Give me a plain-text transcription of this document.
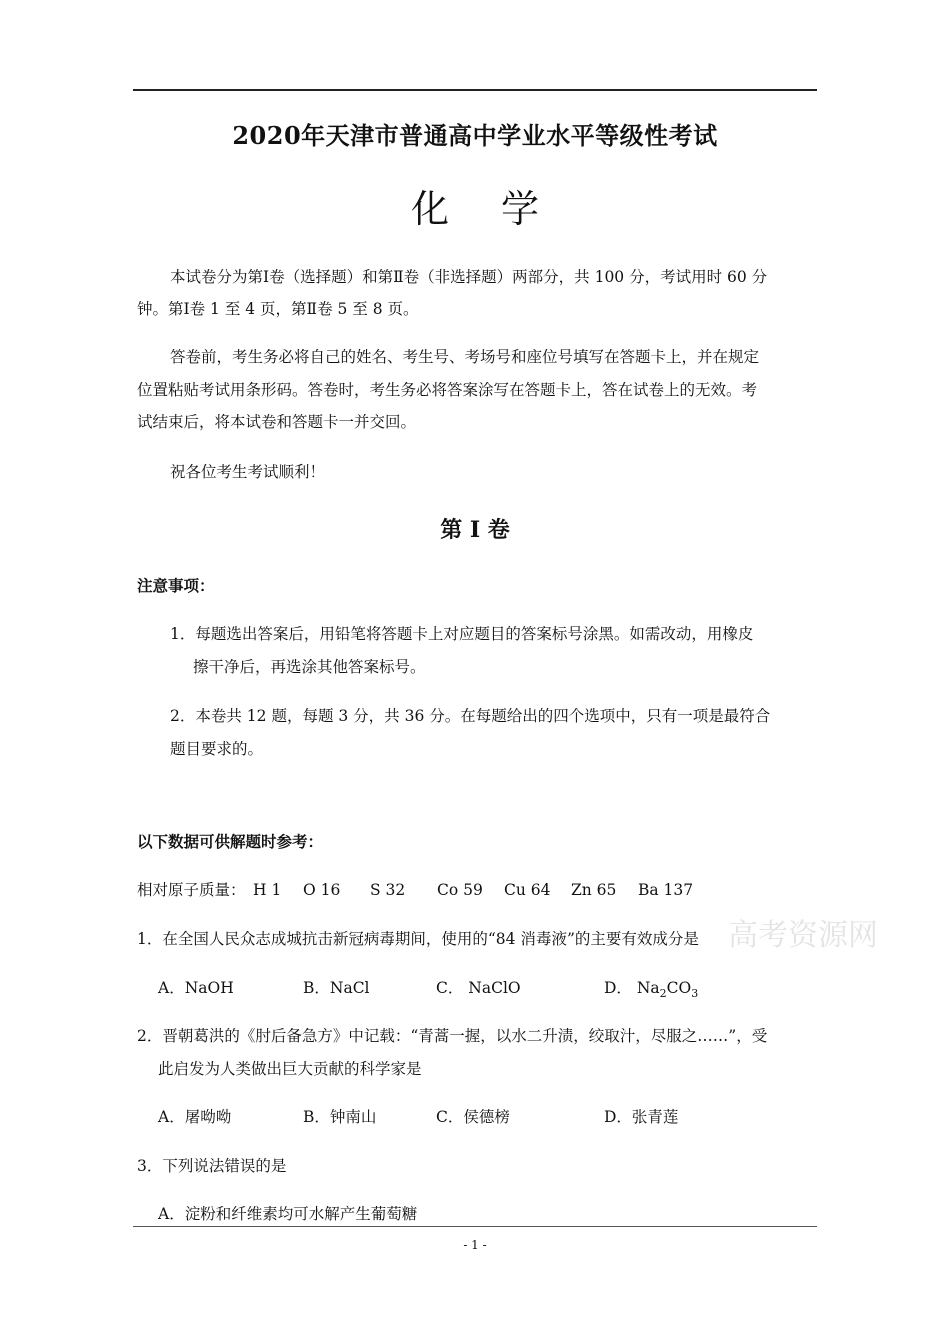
2020年天津市普通高中学业水平等级性考试
化学
本试卷分为第Ⅰ卷（选择题）和第Ⅱ卷（非选择题）两部分，共 100 分，考试用时 60 分
钟。第Ⅰ卷 1 至 4 页，第Ⅱ卷 5 至 8 页。
答卷前，考生务必将自己的姓名、考生号、考场号和座位号填写在答题卡上，并在规定
位置粘贴考试用条形码。答卷时，考生务必将答案涂写在答题卡上，答在试卷上的无效。考
试结束后，将本试卷和答题卡一并交回。
祝各位考生考试顺利！
第 I 卷
注意事项：
1．每题选出答案后，用铅笔将答题卡上对应题目的答案标号涂黑。如需改动，用橡皮
擦干净后，再选涂其他答案标号。
2．本卷共 12 题，每题 3 分，共 36 分。在每题给出的四个选项中，只有一项是最符合
题目要求的。
以下数据可供解题时参考：
相对原子质量： H 1 O 16 S 32 Co 59 Cu 64 Zn 65 Ba 137
高考资源网
1．在全国人民众志成城抗击新冠病毒期间，使用的“84 消毒液”的主要有效成分是
A．NaOH	B．NaCl	C． NaClO	D． $Na_2CO_3$
2．晋朝葛洪的《肘后备急方》中记载：“青蒿一握，以水二升渍，绞取汁，尽服之……”，受
此启发为人类做出巨大贡献的科学家是
A．屠呦呦	B．钟南山	C．侯德榜	D．张青莲
3．下列说法错误的是
A．淀粉和纤维素均可水解产生葡萄糖
- 1 -
